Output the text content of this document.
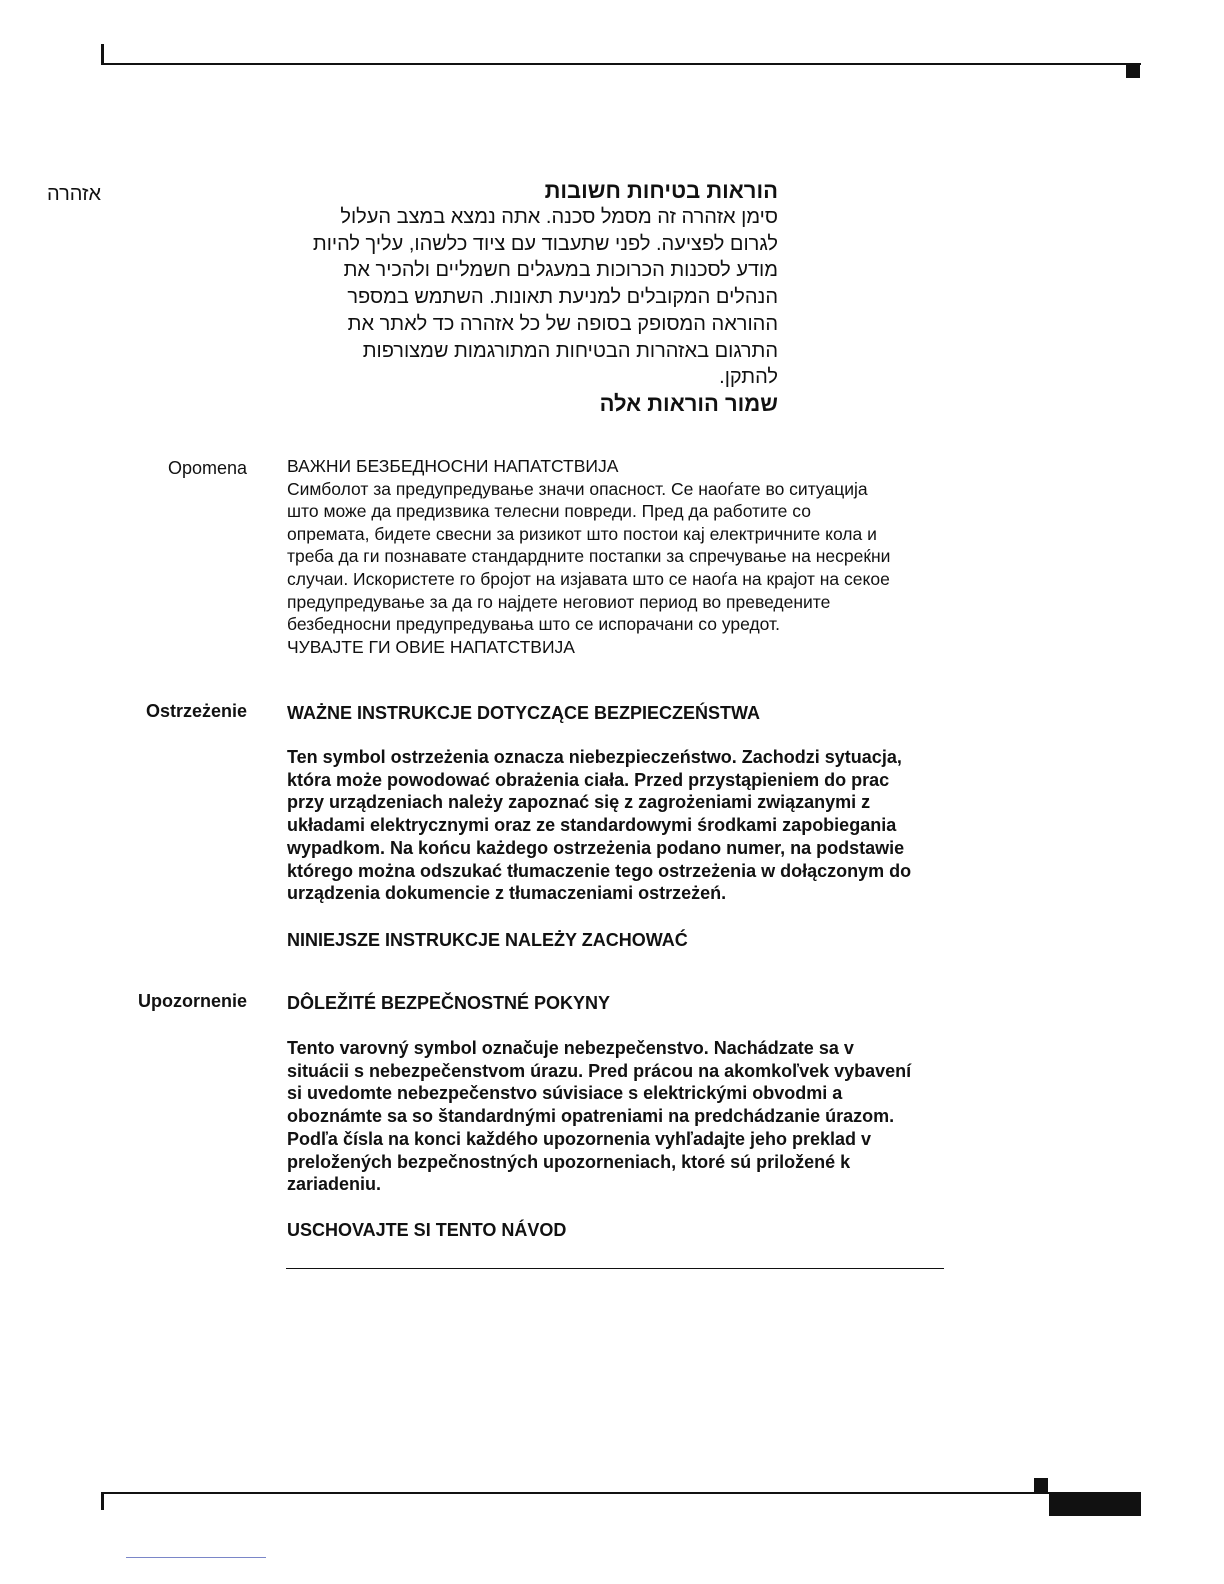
אזהרה	הוראות בטיחות חשובות

סימן אזהרה זה מסמל סכנה. אתה נמצא במצב העלול

לגרום לפציעה. לפני שתעבוד עם ציוד כלשהו, עליך להיות

מודע לסכנות הכרוכות במעגלים חשמליים ולהכיר את

הנהלים המקובלים למניעת תאונות. השתמש במספר

ההוראה המסופק בסופה של כל אזהרה כד לאתר את

התרגום באזהרות הבטיחות המתורגמות שמצורפות

להתקן.

שמור הוראות אלה

Opomena ВАЖНИ БЕЗБЕДНОСНИ НАПАТСТВИЈА

Симболот за предупредување значи опасност. Се наоѓате во ситуација

што може да предизвика телесни повреди. Пред да работите со

опремата, бидете свесни за ризикот што постои кај електричните кола и

треба да ги познавате стандардните постапки за спречување на несреќни

случаи. Искористете го бројот на изјавата што се наоѓа на крајот на секое

предупредување за да го најдете неговиот период во преведените

безбедносни предупредувања што се испорачани со уредот.

ЧУВАЈТЕ ГИ ОВИЕ НАПАТСТВИЈА

Ostrzeżenie WAŻNE INSTRUKCJE DOTYCZĄCE BEZPIECZEŃSTWA

Ten symbol ostrzeżenia oznacza niebezpieczeństwo. Zachodzi sytuacja,

która może powodować obrażenia ciała. Przed przystąpieniem do prac

przy urządzeniach należy zapoznać się z zagrożeniami związanymi z

układami elektrycznymi oraz ze standardowymi środkami zapobiegania

wypadkom. Na końcu każdego ostrzeżenia podano numer, na podstawie

którego można odszukać tłumaczenie tego ostrzeżenia w dołączonym do

urządzenia dokumencie z tłumaczeniami ostrzeżeń.

NINIEJSZE INSTRUKCJE NALEŻY ZACHOWAĆ

Upozornenie DÔLEŽITÉ BEZPEČNOSTNÉ POKYNY

Tento varovný symbol označuje nebezpečenstvo. Nachádzate sa v

situácii s nebezpečenstvom úrazu. Pred prácou na akomkoľvek vybavení

si uvedomte nebezpečenstvo súvisiace s elektrickými obvodmi a

oboznámte sa so štandardnými opatreniami na predchádzanie úrazom.

Podľa čísla na konci každého upozornenia vyhľadajte jeho preklad v

preložených bezpečnostných upozorneniach, ktoré sú priložené k

zariadeniu.

USCHOVAJTE SI TENTO NÁVOD
